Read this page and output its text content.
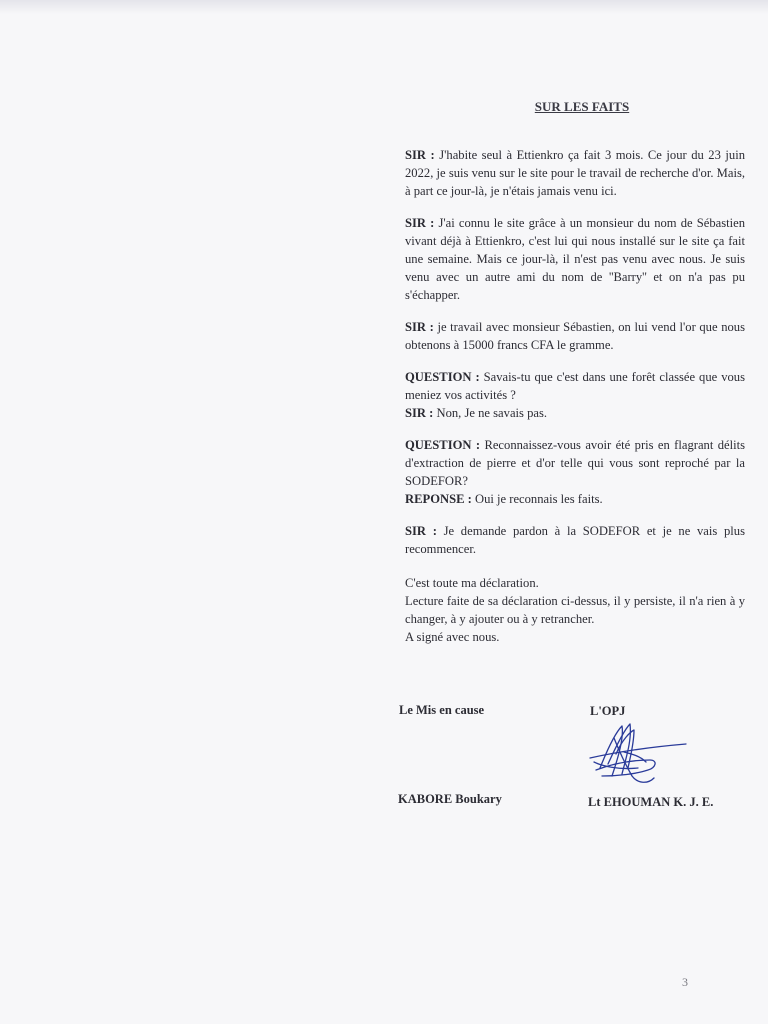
SUR LES FAITS
SIR : J'habite seul à Ettienkro ça fait 3 mois. Ce jour du 23 juin 2022, je suis venu sur le site pour le travail de recherche d'or. Mais, à part ce jour-là, je n'étais jamais venu ici.
SIR : J'ai connu le site grâce à un monsieur du nom de Sébastien vivant déjà à Ettienkro, c'est lui qui nous installé sur le site ça fait une semaine. Mais ce jour-là, il n'est pas venu avec nous. Je suis venu avec un autre ami du nom de ''Barry'' et on n'a pas pu s'échapper.
SIR : je travail avec monsieur Sébastien, on lui vend l'or que nous obtenons à 15000 francs CFA le gramme.
QUESTION : Savais-tu que c'est dans une forêt classée que vous meniez vos activités ?
SIR : Non, Je ne savais pas.
QUESTION : Reconnaissez-vous avoir été pris en flagrant délits d'extraction de pierre et d'or telle qui vous sont reproché par la SODEFOR?
REPONSE : Oui je reconnais les faits.
SIR : Je demande pardon à la SODEFOR et je ne vais plus recommencer.
C'est toute ma déclaration.
Lecture faite de sa déclaration ci-dessus, il y persiste, il n'a rien à y changer, à y ajouter ou à y retrancher.
A signé avec nous.
Le Mis en cause	L'OPJ
KABORE Boukary	Lt EHOUMAN K. J. E.
3
